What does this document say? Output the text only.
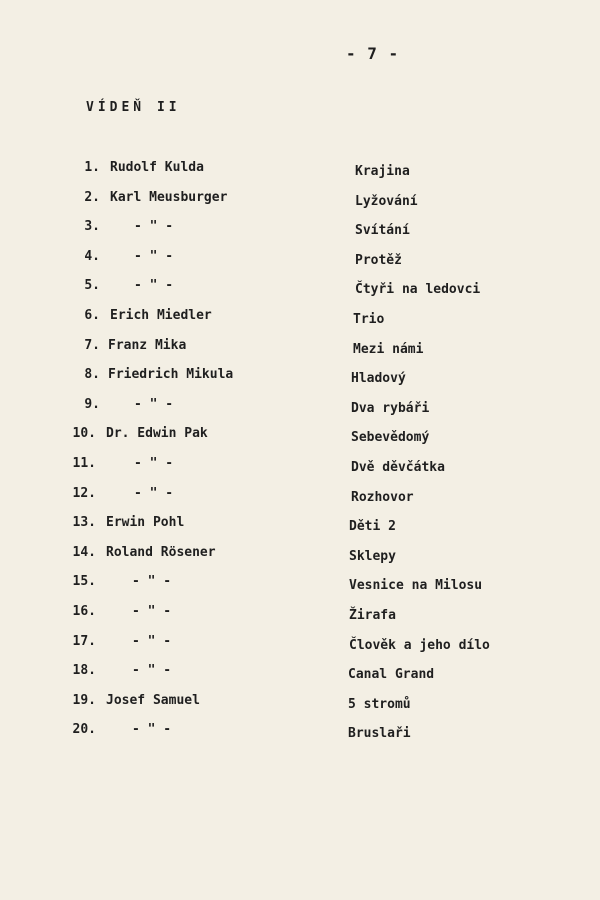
- 7 -
VÍDEŇ II
1. Rudolf Kulda	Krajina
2. Karl Meusburger	Lyžování
3.	- " -	Svítání
4.	- " -	Protěž
5.	- " -	Čtyři na ledovci
6. Erich Miedler	Trio
7. Franz Mika	Mezi námi
8. Friedrich Mikula	Hladový
9.	- " -	Dva rybáři
10. Dr. Edwin Pak	Sebevědomý
11.	- " -	Dvě děvčátka
12.	- " -	Rozhovor
13. Erwin Pohl	Děti 2
14. Roland Rösener	Sklepy
15.	- " -	Vesnice na Milosu
16.	- " -	Žirafa
17.	- " -	Člověk a jeho dílo
18.	- " -	Canal Grand
19. Josef Samuel	5 stromů
20.	- " -	Bruslaři
